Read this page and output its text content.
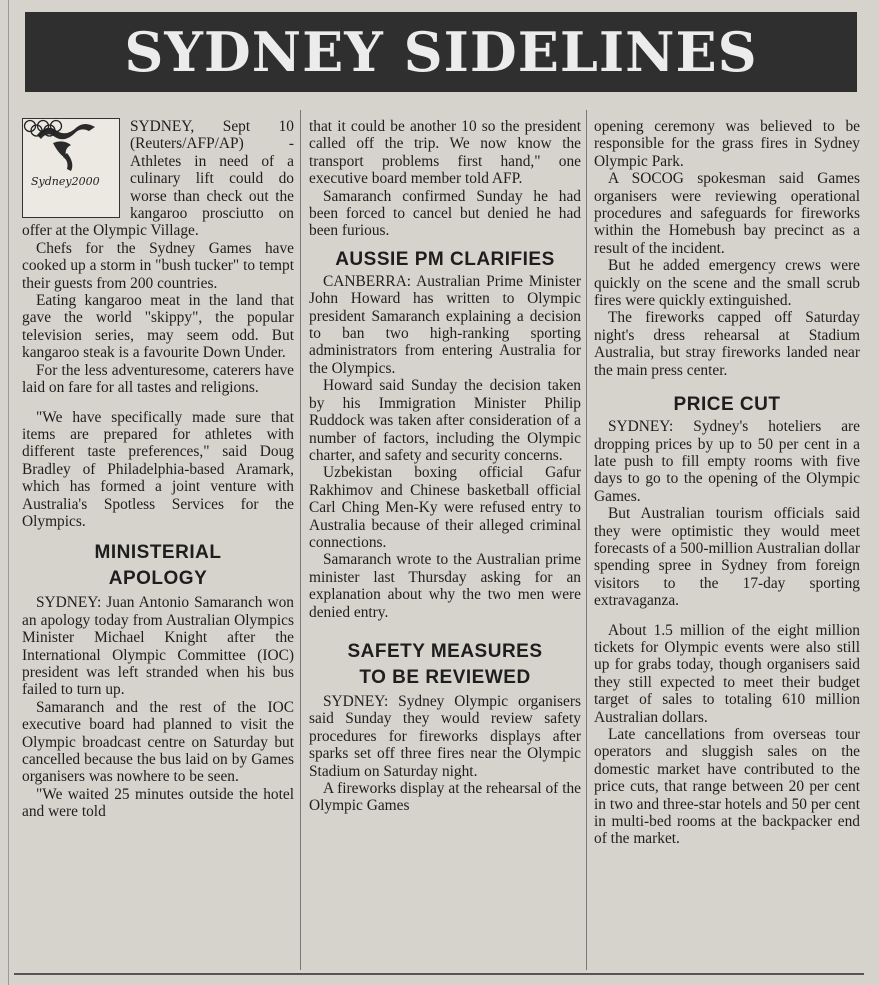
SYDNEY SIDELINES
Sydney2000

SYDNEY, Sept 10 (Reuters/AFP/AP) - Athletes in need of a culinary lift could do worse than check out the kangaroo prosciutto on offer at the Olympic Village.

Chefs for the Sydney Games have cooked up a storm in "bush tucker" to tempt their guests from 200 countries.

Eating kangaroo meat in the land that gave the world "skippy", the popular television series, may seem odd. But kangaroo steak is a favourite Down Under.

For the less adventuresome, caterers have laid on fare for all tastes and religions.

"We have specifically made sure that items are prepared for athletes with different taste preferences," said Doug Bradley of Philadelphia-based Aramark, which has formed a joint venture with Australia's Spotless Services for the Olympics.

MINISTERIAL
APOLOGY

SYDNEY: Juan Antonio Samaranch won an apology today from Australian Olympics Minister Michael Knight after the International Olympic Committee (IOC) president was left stranded when his bus failed to turn up.

Samaranch and the rest of the IOC executive board had planned to visit the Olympic broadcast centre on Saturday but cancelled because the bus laid on by Games organisers was nowhere to be seen.

"We waited 25 minutes outside the hotel and were told

that it could be another 10 so the president called off the trip. We now know the transport problems first hand," one executive board member told AFP.

Samaranch confirmed Sunday he had been forced to cancel but denied he had been furious.

AUSSIE PM CLARIFIES

CANBERRA: Australian Prime Minister John Howard has written to Olympic president Samaranch explaining a decision to ban two high-ranking sporting administrators from entering Australia for the Olympics.

Howard said Sunday the decision taken by his Immigration Minister Philip Ruddock was taken after consideration of a number of factors, including the Olympic charter, and safety and security concerns.

Uzbekistan boxing official Gafur Rakhimov and Chinese basketball official Carl Ching Men-Ky were refused entry to Australia because of their alleged criminal connections.

Samaranch wrote to the Australian prime minister last Thursday asking for an explanation about why the two men were denied entry.

SAFETY MEASURES
TO BE REVIEWED

SYDNEY: Sydney Olympic organisers said Sunday they would review safety procedures for fireworks displays after sparks set off three fires near the Olympic Stadium on Saturday night.

A fireworks display at the rehearsal of the Olympic Games

opening ceremony was believed to be responsible for the grass fires in Sydney Olympic Park.

A SOCOG spokesman said Games organisers were reviewing operational procedures and safeguards for fireworks within the Homebush bay precinct as a result of the incident.

But he added emergency crews were quickly on the scene and the small scrub fires were quickly extinguished.

The fireworks capped off Saturday night's dress rehearsal at Stadium Australia, but stray fireworks landed near the main press center.

PRICE CUT

SYDNEY: Sydney's hoteliers are dropping prices by up to 50 per cent in a late push to fill empty rooms with five days to go to the opening of the Olympic Games.

But Australian tourism officials said they were optimistic they would meet forecasts of a 500-million Australian dollar spending spree in Sydney from foreign visitors to the 17-day sporting extravaganza.

About 1.5 million of the eight million tickets for Olympic events were also still up for grabs today, though organisers said they still expected to meet their budget target of sales to totaling 610 million Australian dollars.

Late cancellations from overseas tour operators and sluggish sales on the domestic market have contributed to the price cuts, that range between 20 per cent in two and three-star hotels and 50 per cent in multi-bed rooms at the backpacker end of the market.
